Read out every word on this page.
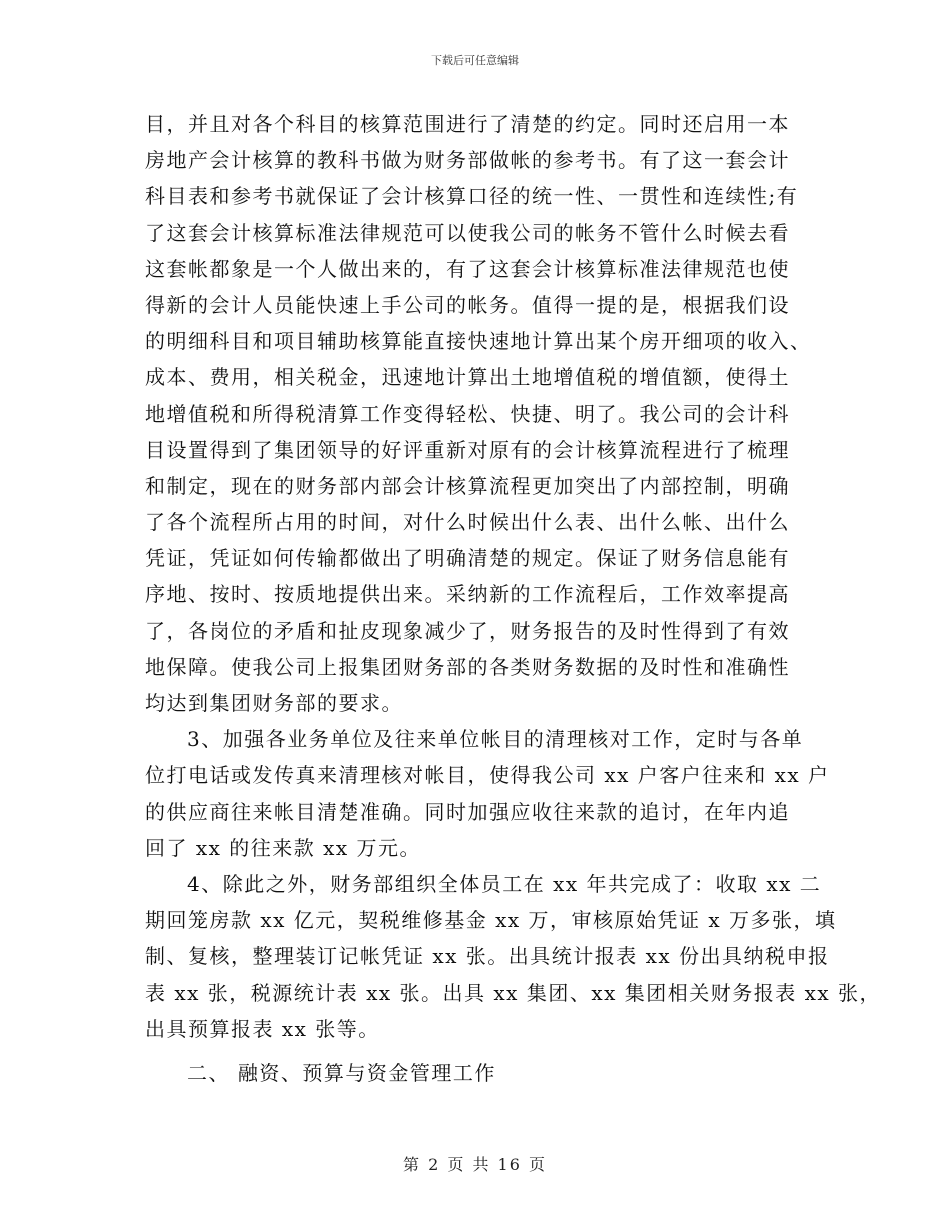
下载后可任意编辑
目，并且对各个科目的核算范围进行了清楚的约定。同时还启用一本
房地产会计核算的教科书做为财务部做帐的参考书。有了这一套会计
科目表和参考书就保证了会计核算口径的统一性、一贯性和连续性;有
了这套会计核算标准法律规范可以使我公司的帐务不管什么时候去看
这套帐都象是一个人做出来的，有了这套会计核算标准法律规范也使
得新的会计人员能快速上手公司的帐务。值得一提的是，根据我们设
的明细科目和项目辅助核算能直接快速地计算出某个房开细项的收入、
成本、费用，相关税金，迅速地计算出土地增值税的增值额，使得土
地增值税和所得税清算工作变得轻松、快捷、明了。我公司的会计科
目设置得到了集团领导的好评重新对原有的会计核算流程进行了梳理
和制定，现在的财务部内部会计核算流程更加突出了内部控制，明确
了各个流程所占用的时间，对什么时候出什么表、出什么帐、出什么
凭证，凭证如何传输都做出了明确清楚的规定。保证了财务信息能有
序地、按时、按质地提供出来。采纳新的工作流程后，工作效率提高
了，各岗位的矛盾和扯皮现象减少了，财务报告的及时性得到了有效
地保障。使我公司上报集团财务部的各类财务数据的及时性和准确性
均达到集团财务部的要求。
3、加强各业务单位及往来单位帐目的清理核对工作，定时与各单
位打电话或发传真来清理核对帐目，使得我公司 xx 户客户往来和 xx 户
的供应商往来帐目清楚准确。同时加强应收往来款的追讨，在年内追
回了 xx 的往来款 xx 万元。
4、除此之外，财务部组织全体员工在 xx 年共完成了：收取 xx 二
期回笼房款 xx 亿元，契税维修基金 xx 万，审核原始凭证 x 万多张，填
制、复核，整理装订记帐凭证 xx 张。出具统计报表 xx 份出具纳税申报
表 xx 张，税源统计表 xx 张。出具 xx 集团、xx 集团相关财务报表 xx 张，
出具预算报表 xx 张等。
二、 融资、预算与资金管理工作
第 2 页 共 16 页
